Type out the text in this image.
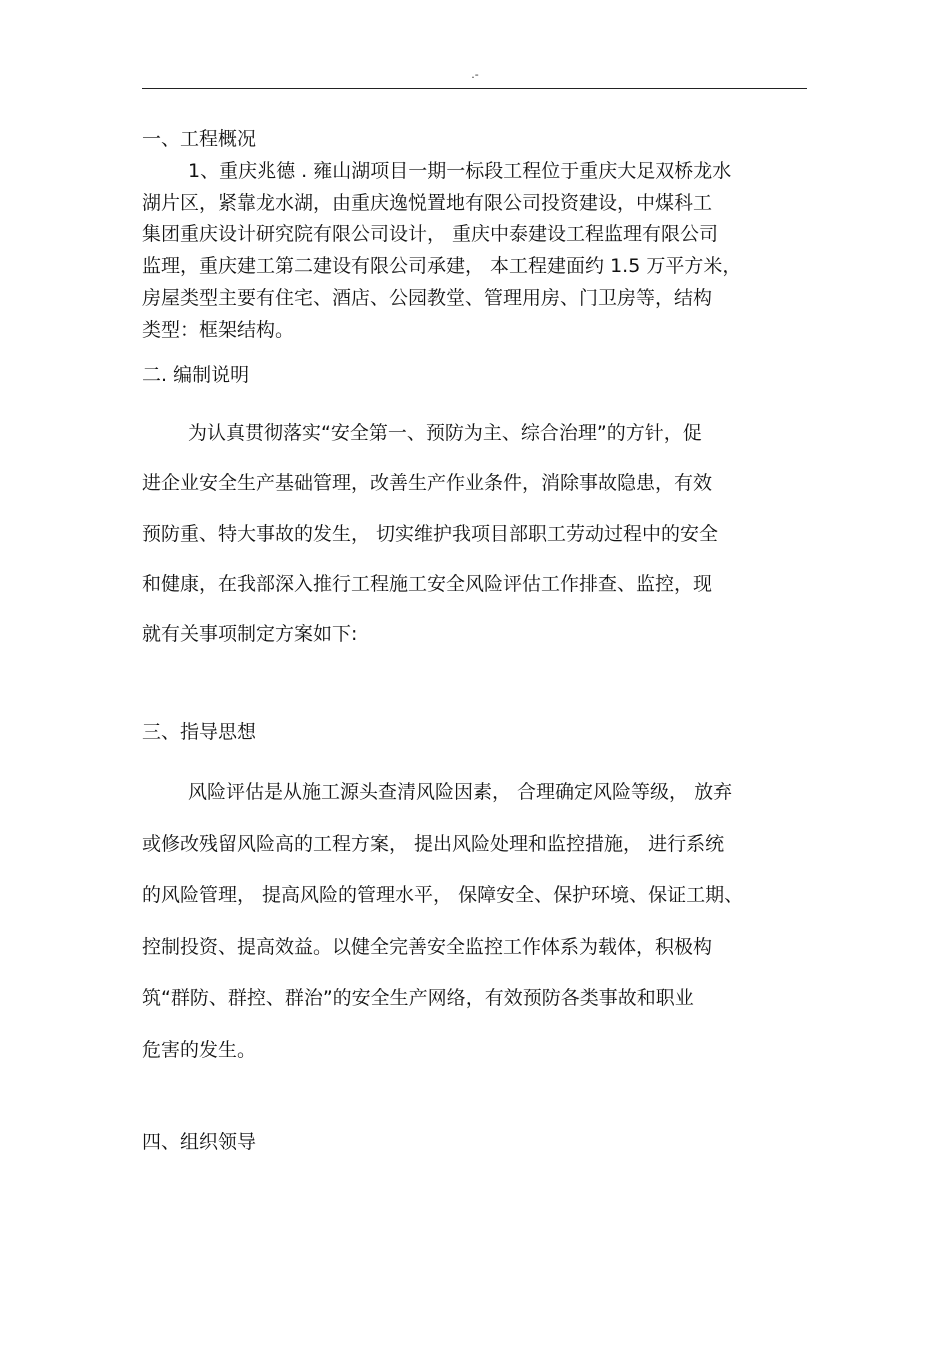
.-
一、工程概况
1、重庆兆德 . 雍山湖项目一期一标段工程位于重庆大足双桥龙水
湖片区，紧靠龙水湖，由重庆逸悦置地有限公司投资建设，中煤科工
集团重庆设计研究院有限公司设计， 重庆中泰建设工程监理有限公司
监理，重庆建工第二建设有限公司承建， 本工程建面约 1.5 万平方米，
房屋类型主要有住宅、酒店、公园教堂、管理用房、门卫房等，结构
类型：框架结构。
二. 编制说明
为认真贯彻落实“安全第一、预防为主、综合治理”的方针，促
进企业安全生产基础管理，改善生产作业条件，消除事故隐患，有效
预防重、特大事故的发生， 切实维护我项目部职工劳动过程中的安全
和健康，在我部深入推行工程施工安全风险评估工作排查、监控，现
就有关事项制定方案如下:
三、指导思想
风险评估是从施工源头查清风险因素， 合理确定风险等级， 放弃
或修改残留风险高的工程方案， 提出风险处理和监控措施， 进行系统
的风险管理， 提高风险的管理水平， 保障安全、保护环境、保证工期、
控制投资、提高效益。以健全完善安全监控工作体系为载体，积极构
筑“群防、群控、群治”的安全生产网络，有效预防各类事故和职业
危害的发生。
四、组织领导
